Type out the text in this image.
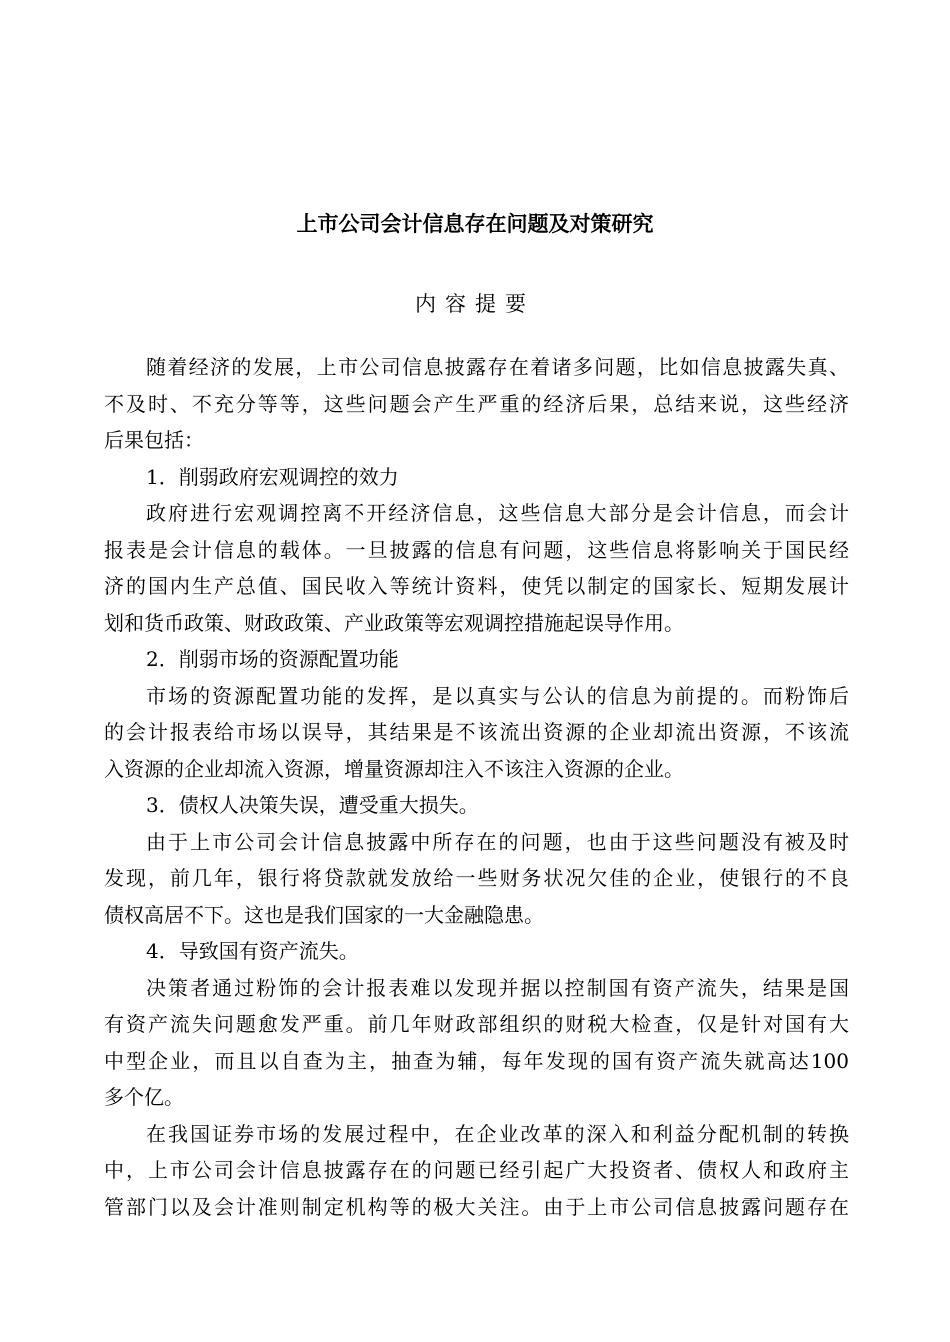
上市公司会计信息存在问题及对策研究
内容提要
随着经济的发展，上市公司信息披露存在着诸多问题，比如信息披露失真、
不及时、不充分等等，这些问题会产生严重的经济后果，总结来说，这些经济
后果包括：
1．削弱政府宏观调控的效力
政府进行宏观调控离不开经济信息，这些信息大部分是会计信息，而会计
报表是会计信息的载体。一旦披露的信息有问题，这些信息将影响关于国民经
济的国内生产总值、国民收入等统计资料，使凭以制定的国家长、短期发展计
划和货币政策、财政政策、产业政策等宏观调控措施起误导作用。
2．削弱市场的资源配置功能
市场的资源配置功能的发挥，是以真实与公认的信息为前提的。而粉饰后
的会计报表给市场以误导，其结果是不该流出资源的企业却流出资源，不该流
入资源的企业却流入资源，增量资源却注入不该注入资源的企业。
3．债权人决策失误，遭受重大损失。
由于上市公司会计信息披露中所存在的问题，也由于这些问题没有被及时
发现，前几年，银行将贷款就发放给一些财务状况欠佳的企业，使银行的不良
债权高居不下。这也是我们国家的一大金融隐患。
4．导致国有资产流失。
决策者通过粉饰的会计报表难以发现并据以控制国有资产流失，结果是国
有资产流失问题愈发严重。前几年财政部组织的财税大检查，仅是针对国有大
中型企业，而且以自查为主，抽查为辅，每年发现的国有资产流失就高达100
多个亿。
在我国证券市场的发展过程中，在企业改革的深入和利益分配机制的转换
中，上市公司会计信息披露存在的问题已经引起广大投资者、债权人和政府主
管部门以及会计准则制定机构等的极大关注。由于上市公司信息披露问题存在
